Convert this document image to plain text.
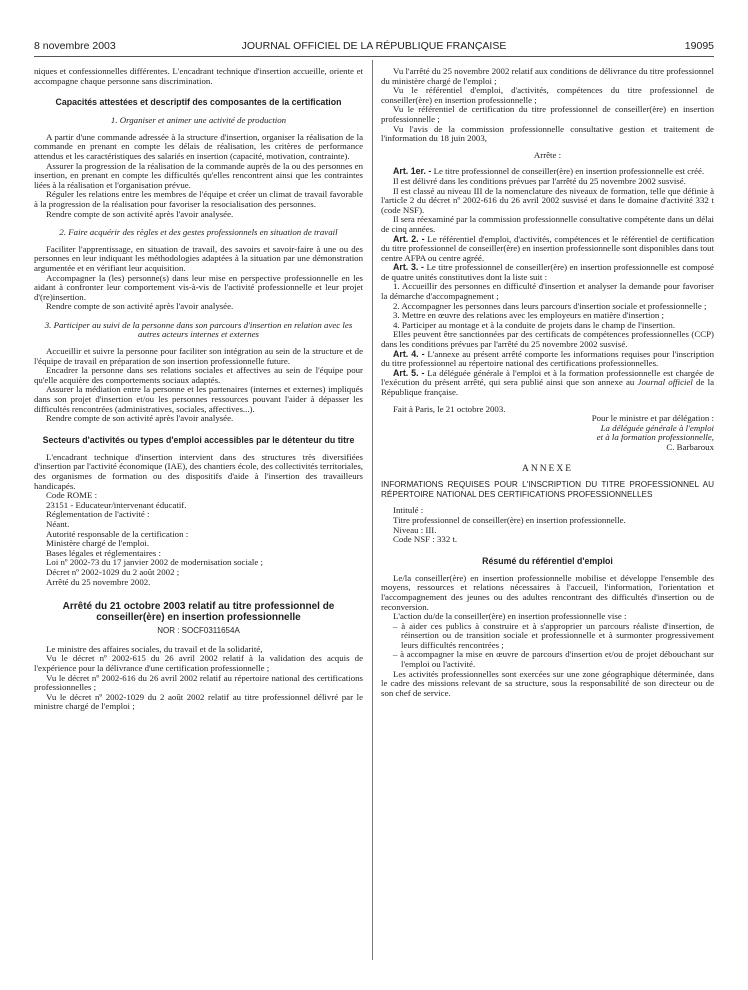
8 novembre 2003	JOURNAL OFFICIEL DE LA RÉPUBLIQUE FRANÇAISE	19095

niques et confessionnelles différentes. L'encadrant technique d'insertion accueille, oriente et accompagne chaque personne sans discrimination.

Capacités attestées et descriptif des composantes de la certification
1. Organiser et animer une activité de production

A partir d'une commande adressée à la structure d'insertion, organiser la réalisation de la commande en prenant en compte les délais de réalisation, les critères de performance attendus et les caractéristiques des salariés en insertion (capacité, motivation, contrainte).

Assurer la progression de la réalisation de la commande auprès de la ou des personnes en insertion, en prenant en compte les difficultés qu'elles rencontrent ainsi que les contraintes liées à la réalisation et l'organisation prévue.

Réguler les relations entre les membres de l'équipe et créer un climat de travail favorable à la progression de la réalisation pour favoriser la resocialisation des personnes.

Rendre compte de son activité après l'avoir analysée.

2. Faire acquérir des règles et des gestes professionnels en situation de travail

Faciliter l'apprentissage, en situation de travail, des savoirs et savoir-faire à une ou des personnes en leur indiquant les méthodologies adaptées à la situation par une démonstration argumentée et en vérifiant leur acquisition.

Accompagner la (les) personne(s) dans leur mise en perspective professionnelle en les aidant à confronter leur comportement vis-à-vis de l'activité professionnelle et leur projet d'(re)insertion.

Rendre compte de son activité après l'avoir analysée.

3. Participer au suivi de la personne dans son parcours d'insertion en relation avec les autres acteurs internes et externes

Accueillir et suivre la personne pour faciliter son intégration au sein de la structure et de l'équipe de travail en préparation de son insertion professionnelle future.

Encadrer la personne dans ses relations sociales et affectives au sein de l'équipe pour qu'elle acquière des comportements sociaux adaptés.

Assurer la médiation entre la personne et les partenaires (internes et externes) impliqués dans son projet d'insertion et/ou les personnes ressources pouvant l'aider à dépasser les difficultés rencontrées (administratives, sociales, affectives...).

Rendre compte de son activité après l'avoir analysée.

Secteurs d'activités ou types d'emploi accessibles par le détenteur du titre

L'encadrant technique d'insertion intervient dans des structures très diversifiées d'insertion par l'activité économique (IAE), des chantiers école, des collectivités territoriales, des organismes de formation ou des dispositifs d'aide à l'insertion des travailleurs handicapés.

Code ROME :

23151 - Educateur/intervenant éducatif.

Réglementation de l'activité :

Néant.

Autorité responsable de la certification :

Ministère chargé de l'emploi.

Bases légales et réglementaires :

Loi nº 2002-73 du 17 janvier 2002 de modernisation sociale ;

Décret nº 2002-1029 du 2 août 2002 ;

Arrêté du 25 novembre 2002.

Arrêté du 21 octobre 2003 relatif au titre professionnel de conseiller(ère) en insertion professionnelle

NOR : SOCF0311654A

Le ministre des affaires sociales, du travail et de la solidarité,

Vu le décret nº 2002-615 du 26 avril 2002 relatif à la validation des acquis de l'expérience pour la délivrance d'une certification professionnelle ;

Vu le décret nº 2002-616 du 26 avril 2002 relatif au répertoire national des certifications professionnelles ;

Vu le décret nº 2002-1029 du 2 août 2002 relatif au titre professionnel délivré par le ministre chargé de l'emploi ;

Vu l'arrêté du 25 novembre 2002 relatif aux conditions de délivrance du titre professionnel du ministère chargé de l'emploi ;

Vu le référentiel d'emploi, d'activités, compétences du titre professionnel de conseiller(ère) en insertion professionnelle ;

Vu le référentiel de certification du titre professionnel de conseiller(ère) en insertion professionnelle ;

Vu l'avis de la commission professionnelle consultative gestion et traitement de l'information du 18 juin 2003,

Arrête :

Art. 1er. - Le titre professionnel de conseiller(ère) en insertion professionnelle est créé.

Il est délivré dans les conditions prévues par l'arrêté du 25 novembre 2002 susvisé.

Il est classé au niveau III de la nomenclature des niveaux de formation, telle que définie à l'article 2 du décret nº 2002-616 du 26 avril 2002 susvisé et dans le domaine d'activité 332 t (code NSF).

Il sera réexaminé par la commission professionnelle consultative compétente dans un délai de cinq années.

Art. 2. - Le référentiel d'emploi, d'activités, compétences et le référentiel de certification du titre professionnel de conseiller(ère) en insertion professionnelle sont disponibles dans tout centre AFPA ou centre agréé.

Art. 3. - Le titre professionnel de conseiller(ère) en insertion professionnelle est composé de quatre unités constitutives dont la liste suit :

1. Accueillir des personnes en difficulté d'insertion et analyser la demande pour favoriser la démarche d'accompagnement ;

2. Accompagner les personnes dans leurs parcours d'insertion sociale et professionnelle ;

3. Mettre en œuvre des relations avec les employeurs en matière d'insertion ;

4. Participer au montage et à la conduite de projets dans le champ de l'insertion.

Elles peuvent être sanctionnées par des certificats de compétences professionnelles (CCP) dans les conditions prévues par l'arrêté du 25 novembre 2002 susvisé.

Art. 4. - L'annexe au présent arrêté comporte les informations requises pour l'inscription du titre professionnel au répertoire national des certifications professionnelles.

Art. 5. - La déléguée générale à l'emploi et à la formation professionnelle est chargée de l'exécution du présent arrêté, qui sera publié ainsi que son annexe au Journal officiel de la République française.

Fait à Paris, le 21 octobre 2003.

Pour le ministre et par délégation :

La déléguée générale à l'emploi

et à la formation professionnelle,

C. Barbaroux

ANNEXE

INFORMATIONS REQUISES POUR L'INSCRIPTION DU TITRE PROFESSIONNEL AU RÉPERTOIRE NATIONAL DES CERTIFICATIONS PROFESSIONNELLES

Intitulé :

Titre professionnel de conseiller(ère) en insertion professionnelle.

Niveau : III.

Code NSF : 332 t.

Résumé du référentiel d'emploi

Le/la conseiller(ère) en insertion professionnelle mobilise et développe l'ensemble des moyens, ressources et relations nécessaires à l'accueil, l'information, l'orientation et l'accompagnement des jeunes ou des adultes rencontrant des difficultés d'insertion ou de reconversion.

L'action du/de la conseiller(ère) en insertion professionnelle vise :

– à aider ces publics à construire et à s'approprier un parcours réaliste d'insertion, de réinsertion ou de transition sociale et professionnelle et à surmonter progressivement leurs difficultés rencontrées ;
– à accompagner la mise en œuvre de parcours d'insertion et/ou de projet débouchant sur l'emploi ou l'activité.

Les activités professionnelles sont exercées sur une zone géographique déterminée, dans le cadre des missions relevant de sa structure, sous la responsabilité de son directeur ou de son chef de service.
